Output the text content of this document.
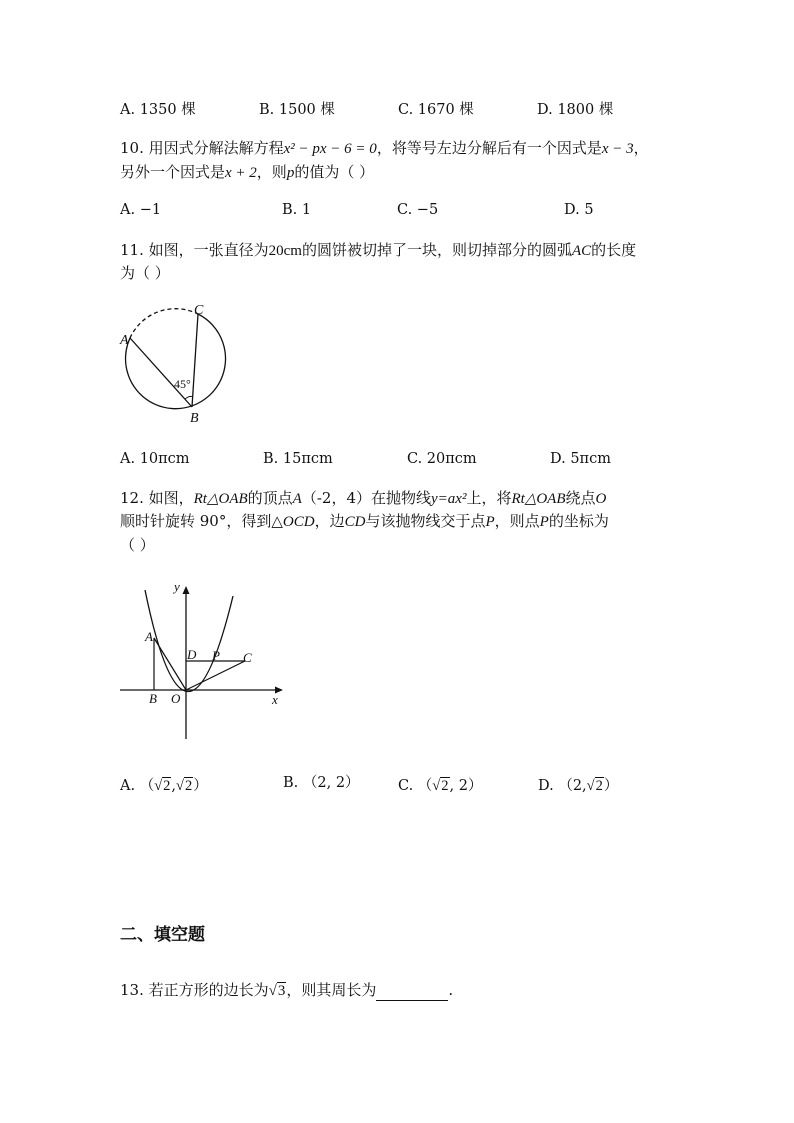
A. 1350 棵	B. 1500 棵	C. 1670 棵	D. 1800 棵
10. 用因式分解法解方程x² − px − 6 = 0，将等号左边分解后有一个因式是x − 3，
另外一个因式是x + 2，则p的值为（ ）
A. −1	B. 1	C. −5	D. 5
11. 如图，一张直径为20cm的圆饼被切掉了一块，则切掉部分的圆弧AC的长度
为（ ）
A
C
B
45°
A. 10πcm	B. 15πcm	C. 20πcm	D. 5πcm
12. 如图，Rt△OAB的顶点A（-2，4）在抛物线y=ax²上，将Rt△OAB绕点O
顺时针旋转 90°，得到△OCD，边CD与该抛物线交于点P，则点P的坐标为
（ ）
y
x
A
B O
D P C
A. （√2,√2）	B. （2, 2）	C. （√2, 2）	D. （2,√2）
二、填空题
13. 若正方形的边长为√3，则其周长为	.
